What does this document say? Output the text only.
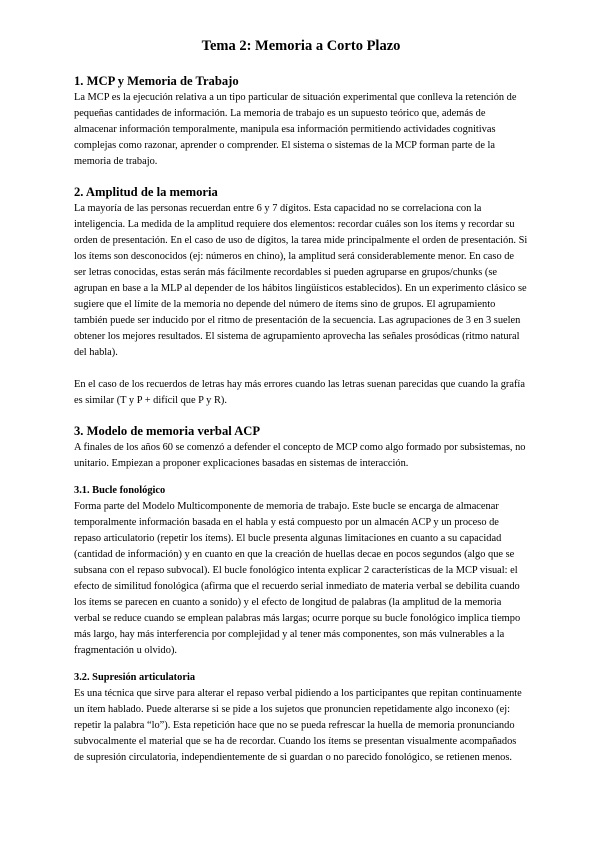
Tema 2: Memoria a Corto Plazo
1. MCP y Memoria de Trabajo

La MCP es la ejecución relativa a un tipo particular de situación experimental que conlleva la retención de pequeñas cantidades de información. La memoria de trabajo es un supuesto teórico que, además de almacenar información temporalmente, manipula esa información permitiendo actividades cognitivas complejas como razonar, aprender o comprender. El sistema o sistemas de la MCP forman parte de la memoria de trabajo.

2. Amplitud de la memoria

La mayoría de las personas recuerdan entre 6 y 7 dígitos. Esta capacidad no se correlaciona con la inteligencia. La medida de la amplitud requiere dos elementos: recordar cuáles son los ítems y recordar su orden de presentación. En el caso de uso de dígitos, la tarea mide principalmente el orden de presentación. Si los ítems son desconocidos (ej: números en chino), la amplitud será considerablemente menor. En caso de ser letras conocidas, estas serán más fácilmente recordables si pueden agruparse en grupos/chunks (se agrupan en base a la MLP al depender de los hábitos lingüísticos establecidos). En un experimento clásico se sugiere que el límite de la memoria no depende del número de ítems sino de grupos. El agrupamiento también puede ser inducido por el ritmo de presentación de la secuencia. Las agrupaciones de 3 en 3 suelen obtener los mejores resultados. El sistema de agrupamiento aprovecha las señales prosódicas (ritmo natural del habla).

En el caso de los recuerdos de letras hay más errores cuando las letras suenan parecidas que cuando la grafía es similar (T y P + difícil que P y R).

3. Modelo de memoria verbal ACP

A finales de los años 60 se comenzó a defender el concepto de MCP como algo formado por subsistemas, no unitario. Empiezan a proponer explicaciones basadas en sistemas de interacción.

3.1. Bucle fonológico

Forma parte del Modelo Multicomponente de memoria de trabajo. Este bucle se encarga de almacenar temporalmente información basada en el habla y está compuesto por un almacén ACP y un proceso de repaso articulatorio (repetir los ítems). El bucle presenta algunas limitaciones en cuanto a su capacidad (cantidad de información) y en cuanto en que la creación de huellas decae en pocos segundos (algo que se subsana con el repaso subvocal). El bucle fonológico intenta explicar 2 características de la MCP visual: el efecto de similitud fonológica (afirma que el recuerdo serial inmediato de materia verbal se debilita cuando los ítems se parecen en cuanto a sonido) y el efecto de longitud de palabras (la amplitud de la memoria verbal se reduce cuando se emplean palabras más largas; ocurre porque su bucle fonológico implica tiempo más largo, hay más interferencia por complejidad y al tener más componentes, son más vulnerables a la fragmentación u olvido).

3.2. Supresión articulatoria

Es una técnica que sirve para alterar el repaso verbal pidiendo a los participantes que repitan continuamente un ítem hablado. Puede alterarse si se pide a los sujetos que pronuncien repetidamente algo inconexo (ej: repetir la palabra “lo”). Esta repetición hace que no se pueda refrescar la huella de memoria pronunciando subvocalmente el material que se ha de recordar. Cuando los ítems se presentan visualmente acompañados de supresión circulatoria, independientemente de si guardan o no parecido fonológico, se retienen menos.
